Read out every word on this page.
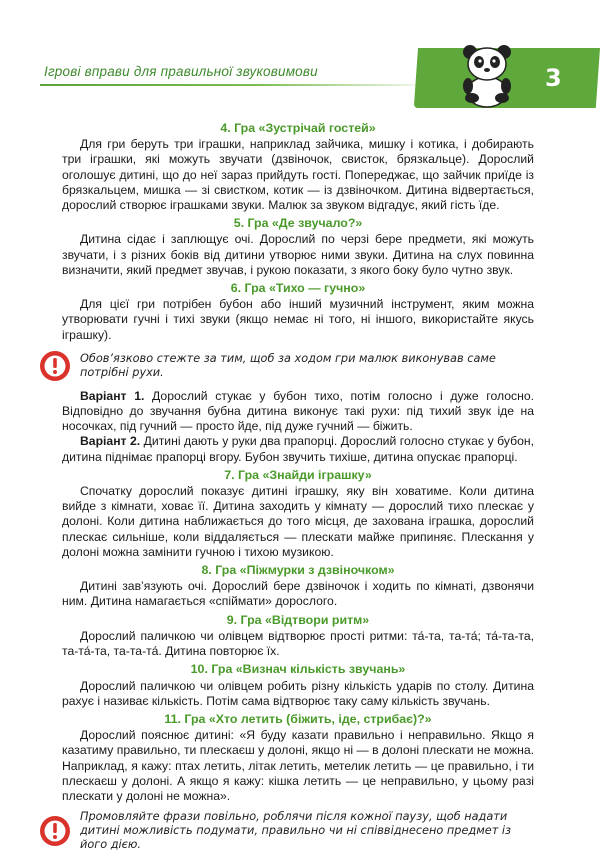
Ігрові вправи для правильної звуковимови	3
4. Гра «Зустрічай гостей»

Для гри беруть три іграшки, наприклад зайчика, мишку і котика, і добирають три іграшки, які можуть звучати (дзвіночок, свисток, брязкальце). Дорослий оголошує дитині, що до неї зараз прийдуть гості. Попереджає, що зайчик приїде із брязкальцем, мишка — зі свистком, котик — із дзвіночком. Дитина відвертається, дорослий створює іграшками звуки. Малюк за звуком відгадує, який гість їде.

5. Гра «Де звучало?»

Дитина сідає і заплющує очі. Дорослий по черзі бере предмети, які можуть звучати, і з різних боків від дитини утворює ними звуки. Дитина на слух повинна визначити, який предмет звучав, і рукою показати, з якого боку було чутно звук.

6. Гра «Тихо — гучно»

Для цієї гри потрібен бубон або інший музичний інструмент, яким можна утворювати гучні і тихі звуки (якщо немає ні того, ні іншого, використайте якусь іграшку).

Обов’язково стежте за тим, щоб за ходом гри малюк виконував саме потрібні рухи.

Варіант 1. Дорослий стукає у бубон тихо, потім голосно і дуже голосно. Відповідно до звучання бубна дитина виконує такі рухи: під тихий звук іде на носочках, під гучний — просто йде, під дуже гучний — біжить.

Варіант 2. Дитині дають у руки два прапорці. Дорослий голосно стукає у бубон, дитина піднімає прапорці вгору. Бубон звучить тихіше, дитина опускає прапорці.

7. Гра «Знайди іграшку»

Спочатку дорослий показує дитині іграшку, яку він ховатиме. Коли дитина вийде з кімнати, ховає її. Дитина заходить у кімнату — дорослий тихо плескає у долоні. Коли дитина наближається до того місця, де захована іграшка, дорослий плескає сильніше, коли віддаляється — плескати майже припиняє. Плескання у долоні можна замінити гучною і тихою музикою.

8. Гра «Піжмурки з дзвіночком»

Дитині зав’язують очі. Дорослий бере дзвіночок і ходить по кімнаті, дзвонячи ним. Дитина намагається «спіймати» дорослого.

9. Гра «Відтвори ритм»

Дорослий паличкою чи олівцем відтворює прості ритми: та́-та, та-та́; та́-та-та, та-та́-та, та-та-та́. Дитина повторює їх.

10. Гра «Визнач кількість звучань»

Дорослий паличкою чи олівцем робить різну кількість ударів по столу. Дитина рахує і називає кількість. Потім сама відтворює таку саму кількість звучань.

11. Гра «Хто летить (біжить, іде, стрибає)?»

Дорослий пояснює дитині: «Я буду казати правильно і неправильно. Якщо я казатиму правильно, ти плескаєш у долоні, якщо ні — в долоні плескати не можна. Наприклад, я кажу: птах летить, літак летить, метелик летить — це правильно, і ти плескаєш у долоні. А якщо я кажу: кішка летить — це неправильно, у цьому разі плескати у долоні не можна».

Промовляйте фрази повільно, роблячи після кожної паузу, щоб надати дитині можливість подумати, правильно чи ні співвіднесено предмет із його дією.
